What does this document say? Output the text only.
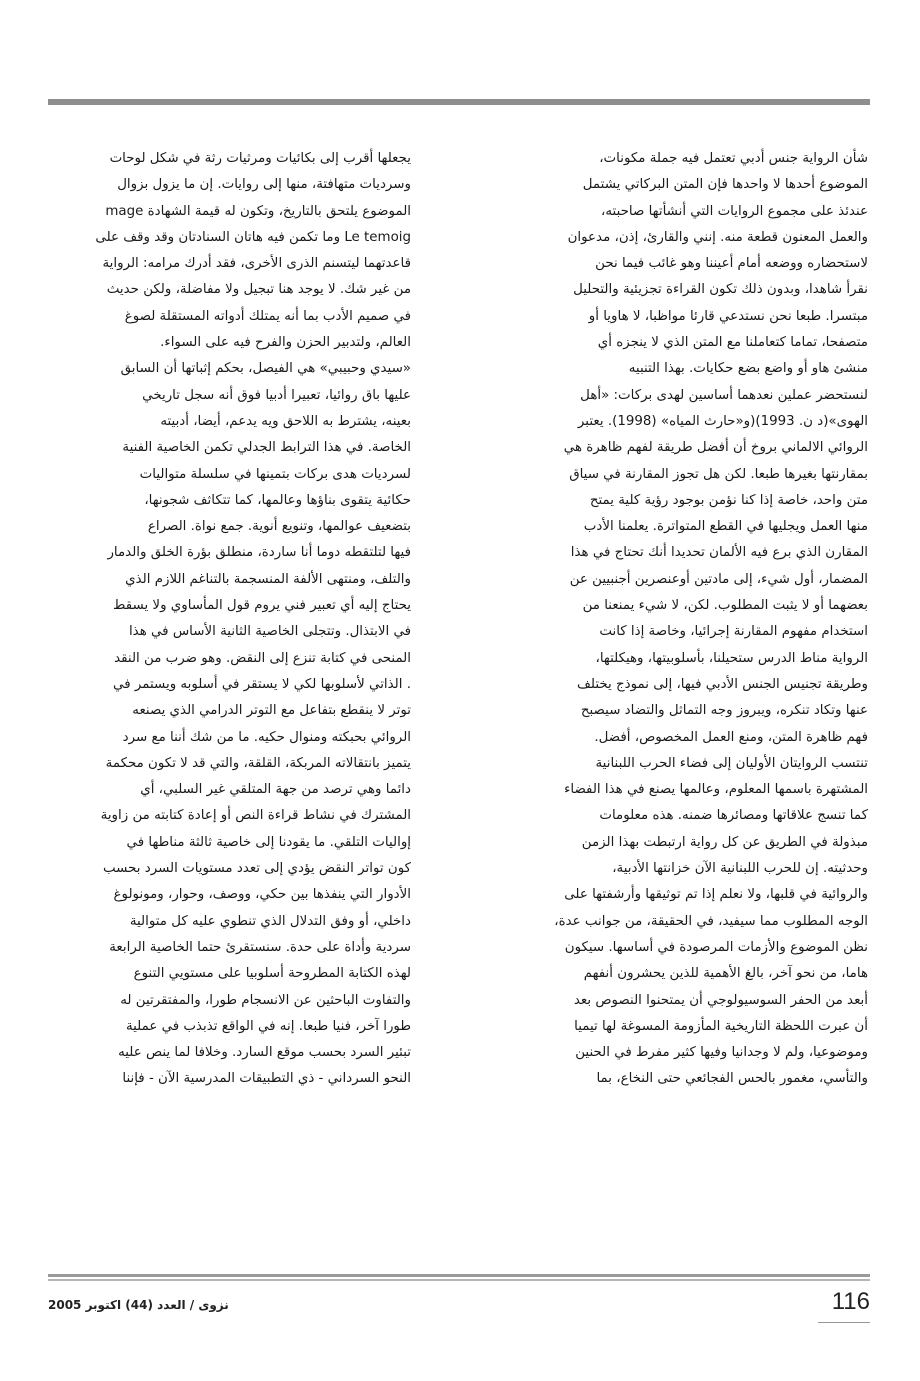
شأن الرواية جنس أدبي تعتمل فيه جملة مكونات،
الموضوع أحدها لا واحدها فإن المتن البركاتي يشتمل
عندئذ على مجموع الروايات التي أنشأتها صاحبته،
والعمل المعنون قطعة منه. إنني والقارئ، إذن، مدعوان
لاستحضاره ووضعه أمام أعيننا وهو غائب فيما نحن
نقرأ شاهدا، وبدون ذلك تكون القراءة تجزيئية والتحليل
مبتسرا. طبعا نحن نستدعي قارئا مواظبا، لا هاويا أو
متصفحا، تماما كتعاملنا مع المتن الذي لا ينجزه أي
منشئ هاو أو واضع بضع حكايات. بهذا التنبيه
لنستحضر عملين نعدهما أساسين لهدى بركات: «أهل
الهوى»(د ن. 1993)(و«حارث المياه» (1998). يعتبر
الروائي الالماني بروخ أن أفضل طريقة لفهم ظاهرة هي
بمقارنتها بغيرها طبعا. لكن هل تجوز المقارنة في سياق
متن واحد، خاصة إذا كنا نؤمن بوجود رؤية كلية يمتح
منها العمل ويجليها في القطع المتواترة. يعلمنا الأدب
المقارن الذي برع فيه الألمان تحديدا أنك تحتاج في هذا
المضمار، أول شيء، إلى مادتين أوعنصرين أجنبيين عن
بعضهما أو لا يثبت المطلوب. لكن، لا شيء يمنعنا من
استخدام مفهوم المقارنة إجرائيا، وخاصة إذا كانت
الرواية مناط الدرس ستحيلنا، بأسلوبيتها، وهيكلتها،
وطريقة تجنيس الجنس الأدبي فيها، إلى نموذج يختلف
عنها وتكاد تنكره، ويبروز وجه التماثل والتضاد سيصبح
فهم ظاهرة المتن، ومنع العمل المخصوص، أفضل.
تنتسب الروايتان الأوليان إلى فضاء الحرب اللبنانية
المشتهرة باسمها المعلوم، وعالمها يصنع في هذا الفضاء
كما تنسج علاقاتها ومصائرها ضمنه. هذه معلومات
مبذولة في الطريق عن كل رواية ارتبطت بهذا الزمن
وحدثيته. إن للحرب اللبنانية الآن خزانتها الأدبية،
والروائية في قلبها، ولا نعلم إذا تم توثيقها وأرشفتها على
الوجه المطلوب مما سيفيد، في الحقيقة، من جوانب عدة،
نظن الموضوع والأزمات المرصودة في أساسها. سيكون
هاما، من نحو آخر، بالغ الأهمية للذين يحشرون أنفهم
أبعد من الحفر السوسيولوجي أن يمتحنوا النصوص بعد
أن عبرت اللحظة التاريخية المأزومة المسوغة لها تيميا
وموضوعيا، ولم لا وجدانيا وفيها كثير مفرط في الحنين
والتأسي، مغمور بالحس الفجائعي حتى النخاع، بما
يجعلها أقرب إلى بكائيات ومرثيات رثة في شكل لوحات
وسرديات متهافتة، منها إلى روايات. إن ما يزول بزوال
الموضوع يلتحق بالتاريخ، وتكون له قيمة الشهادة mage
Le temoig وما تكمن فيه هاتان السنادتان وقد وقف على
قاعدتهما ليتسنم الذرى الأخرى، فقد أدرك مرامه: الرواية
من غير شك. لا يوجد هنا تبجيل ولا مفاضلة، ولكن حديث
في صميم الأدب بما أنه يمتلك أدواته المستقلة لصوغ
العالم، ولتدبير الحزن والفرح فيه على السواء.
«سيدي وحبيبي» هي الفيصل، بحكم إثباتها أن السابق
عليها باق روائيا، تعبيرا أدبيا فوق أنه سجل تاريخي
بعينه، يشترط به اللاحق ويه يدعم، أيضا، أدبيته
الخاصة. في هذا الترابط الجدلي تكمن الخاصية الفنية
لسرديات هدى بركات بتمينها في سلسلة متواليات
حكائية يتقوى بناؤها وعالمها، كما تتكاثف شجونها،
بتضعيف عوالمها، وتنويع أنوية. جمع نواة. الصراع
فيها لتلتقطه دوما أنا ساردة، منطلق بؤرة الخلق والدمار
والتلف، ومنتهى الألفة المنسجمة بالتناغم اللازم الذي
يحتاج إليه أي تعبير فني يروم قول المأساوي ولا يسقط
في الابتذال. وتتجلى الخاصية الثانية الأساس في هذا
المنحى في كتابة تنزع إلى النقض. وهو ضرب من النقد
. الذاتي لأسلوبها لكي لا يستقر في أسلوبه ويستمر في
توتر لا ينقطع بتفاعل مع التوتر الدرامي الذي يصنعه
الروائي بحبكته ومنوال حكيه. ما من شك أننا مع سرد
يتميز بانتقالاته المربكة، القلقة، والتي قد لا تكون محكمة
دائما وهي ترصد من جهة المتلقي غير السلبي، أي
المشترك في نشاط قراءة النص أو إعادة كتابته من زاوية
إواليات التلقي. ما يقودنا إلى خاصية ثالثة مناطها في
كون تواتر النقض يؤدي إلى تعدد مستويات السرد بحسب
الأدوار التي ينفذها بين حكي، ووصف، وحوار، ومونولوغ
داخلي، أو وفق التدلال الذي تنطوي عليه كل متوالية
سردية وأداة على حدة. سنستقرئ حتما الخاصية الرابعة
لهذه الكتابة المطروحة أسلوبيا على مستويي التنوع
والتفاوت الباحثين عن الانسجام طورا، والمفتقرتين له
طورا آخر، فنيا طبعا. إنه في الواقع تذبذب في عملية
تبئير السرد بحسب موقع السارد. وخلافا لما ينص عليه
النحو السرداني - ذي التطبيقات المدرسية الآن - فإننا
116
نزوى / العدد (44) اكتوبر 2005
